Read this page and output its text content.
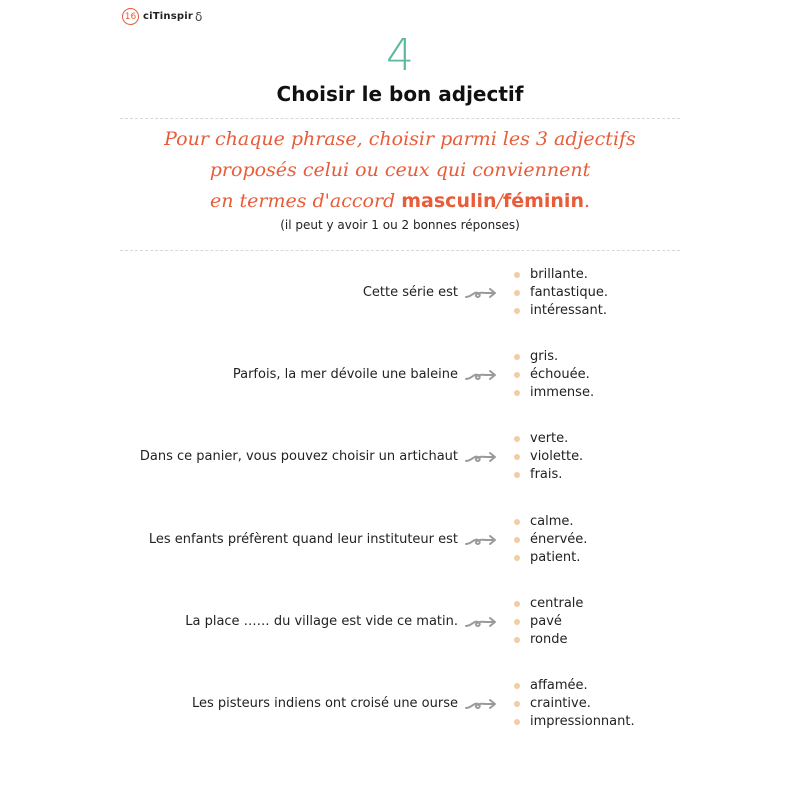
16 ciTinspir ẟ
4
Choisir le bon adjectif
Pour chaque phrase, choisir parmi les 3 adjectifs
proposés celui ou ceux qui conviennent
en termes d'accord masculin/féminin.
(il peut y avoir 1 ou 2 bonnes réponses)
Cette série est
brillante.
fantastique.
intéressant.
Parfois, la mer dévoile une baleine
gris.
échouée.
immense.
Dans ce panier, vous pouvez choisir un artichaut
verte.
violette.
frais.
Les enfants préfèrent quand leur instituteur est
calme.
énervée.
patient.
La place …… du village est vide ce matin.
centrale
pavé
ronde
Les pisteurs indiens ont croisé une ourse
affamée.
craintive.
impressionnant.
